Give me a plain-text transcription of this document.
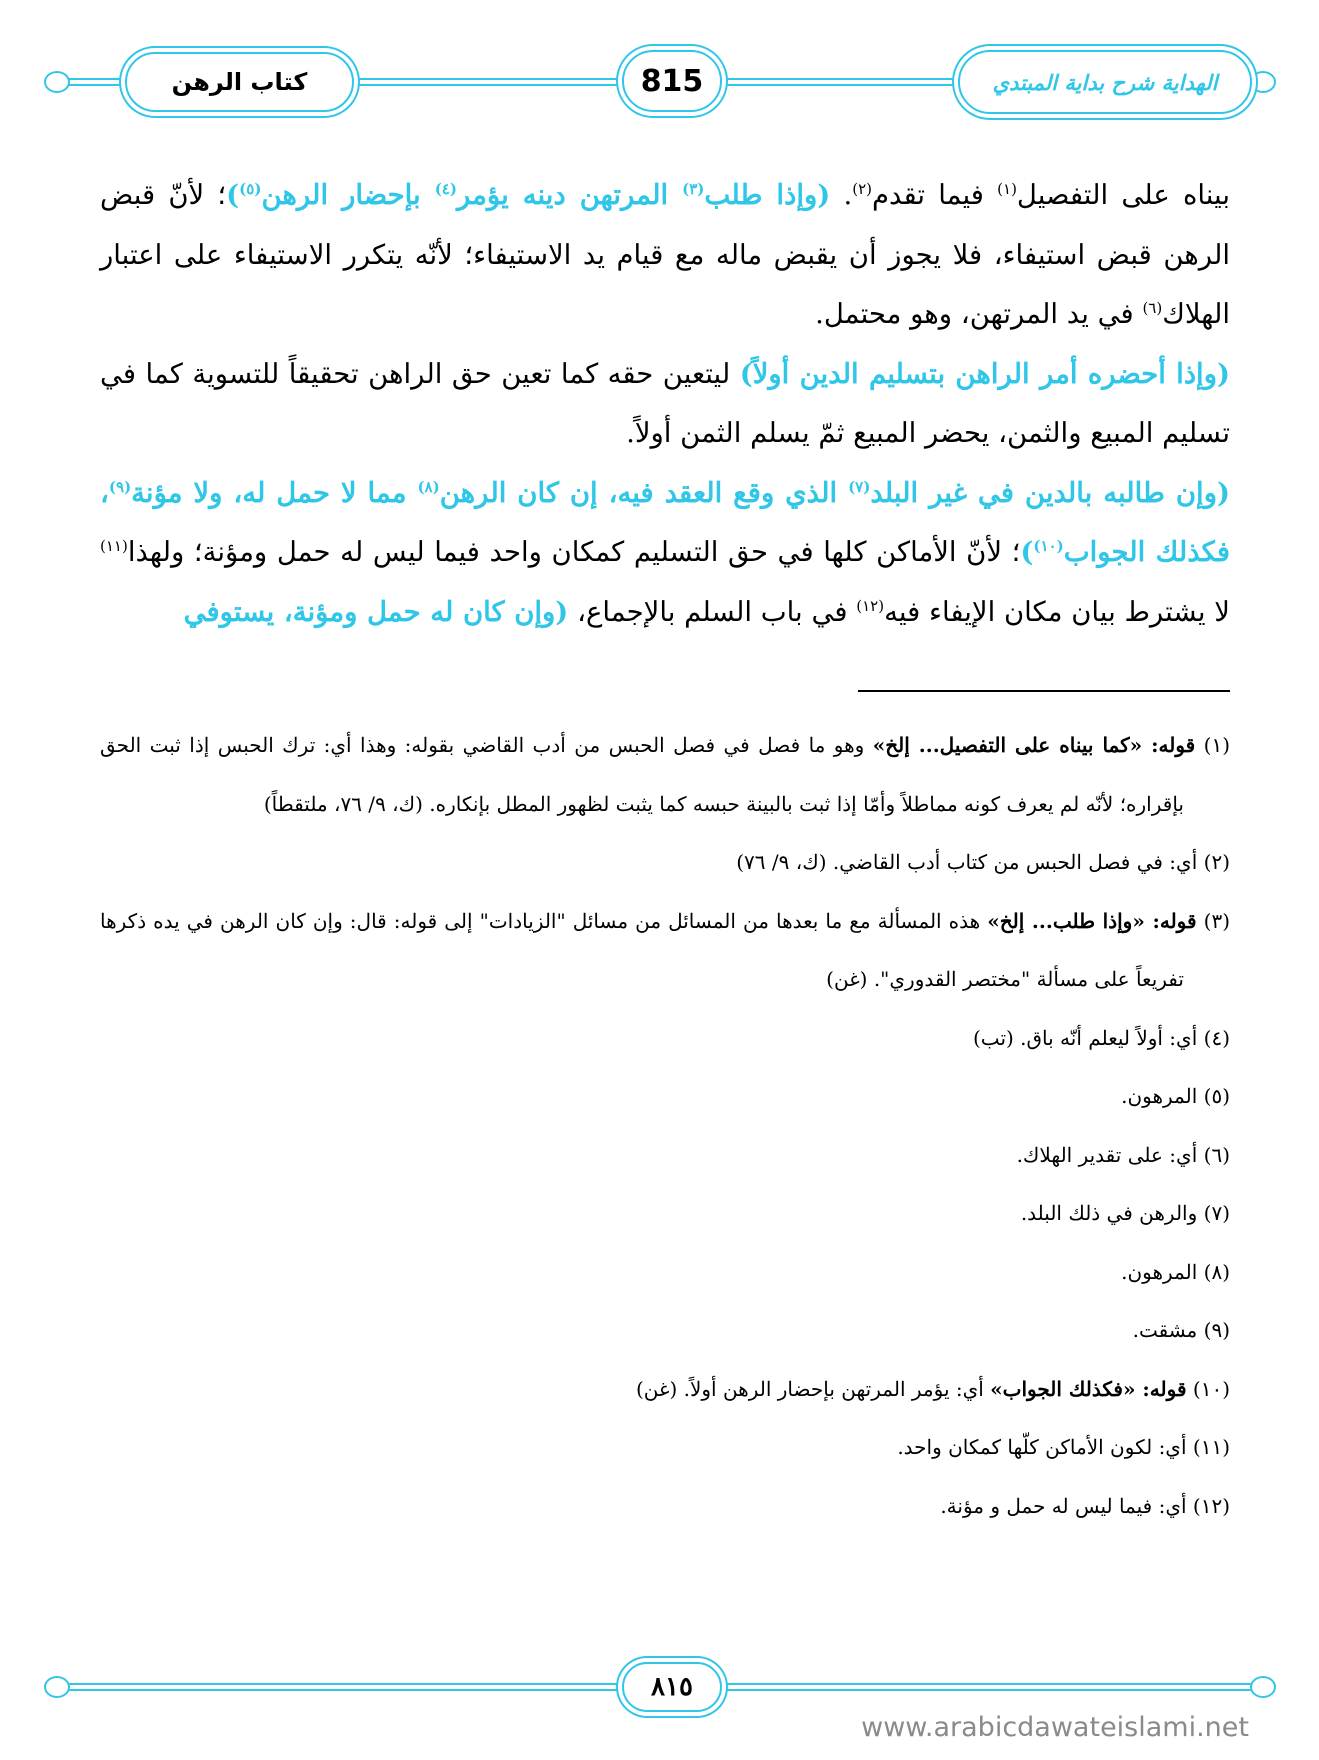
كتاب الرهن	815	الهداية شرح بداية المبتدي

بيناه على التفصيل$^{(١)}$ فيما تقدم$^{(٢)}$. (وإذا طلب$^{(٣)}$ المرتهن دينه يؤمر$^{(٤)}$ بإحضار الرهن$^{(٥)}$)؛ لأنّ قبض الرهن قبض استيفاء، فلا يجوز أن يقبض ماله مع قيام يد الاستيفاء؛ لأنّه يتكرر الاستيفاء على اعتبار الهلاك$^{(٦)}$ في يد المرتهن، وهو محتمل.

(وإذا أحضره أمر الراهن بتسليم الدين أولاً) ليتعين حقه كما تعين حق الراهن تحقيقاً للتسوية كما في تسليم المبيع والثمن، يحضر المبيع ثمّ يسلم الثمن أولاً.

(وإن طالبه بالدين في غير البلد$^{(٧)}$ الذي وقع العقد فيه، إن كان الرهن$^{(٨)}$ مما لا حمل له، ولا مؤنة$^{(٩)}$، فكذلك الجواب$^{(١٠)}$)؛ لأنّ الأماكن كلها في حق التسليم كمكان واحد فيما ليس له حمل ومؤنة؛ ولهذا$^{(١١)}$ لا يشترط بيان مكان الإيفاء فيه$^{(١٢)}$ في باب السلم بالإجماع، (وإن كان له حمل ومؤنة، يستوفي

(١) قوله: «كما بيناه على التفصيل... إلخ» وهو ما فصل في فصل الحبس من أدب القاضي بقوله: وهذا أي: ترك الحبس إذا ثبت الحق بإقراره؛ لأنّه لم يعرف كونه مماطلاً وأمّا إذا ثبت بالبينة حبسه كما يثبت لظهور المطل بإنكاره. (ك، ٩/ ٧٦، ملتقطاً)

(٢) أي: في فصل الحبس من كتاب أدب القاضي. (ك، ٩/ ٧٦)

(٣) قوله: «وإذا طلب... إلخ» هذه المسألة مع ما بعدها من المسائل من مسائل "الزيادات" إلى قوله: قال: وإن كان الرهن في يده ذكرها تفريعاً على مسألة "مختصر القدوري". (غن)

(٤) أي: أولاً ليعلم أنّه باق. (تب)

(٥) المرهون.

(٦) أي: على تقدير الهلاك.

(٧) والرهن في ذلك البلد.

(٨) المرهون.

(٩) مشقت.

(١٠) قوله: «فكذلك الجواب» أي: يؤمر المرتهن بإحضار الرهن أولاً. (غن)

(١١) أي: لكون الأماكن كلّها كمكان واحد.

(١٢) أي: فيما ليس له حمل و مؤنة.

٨١٥
www.arabicdawateislami.net
